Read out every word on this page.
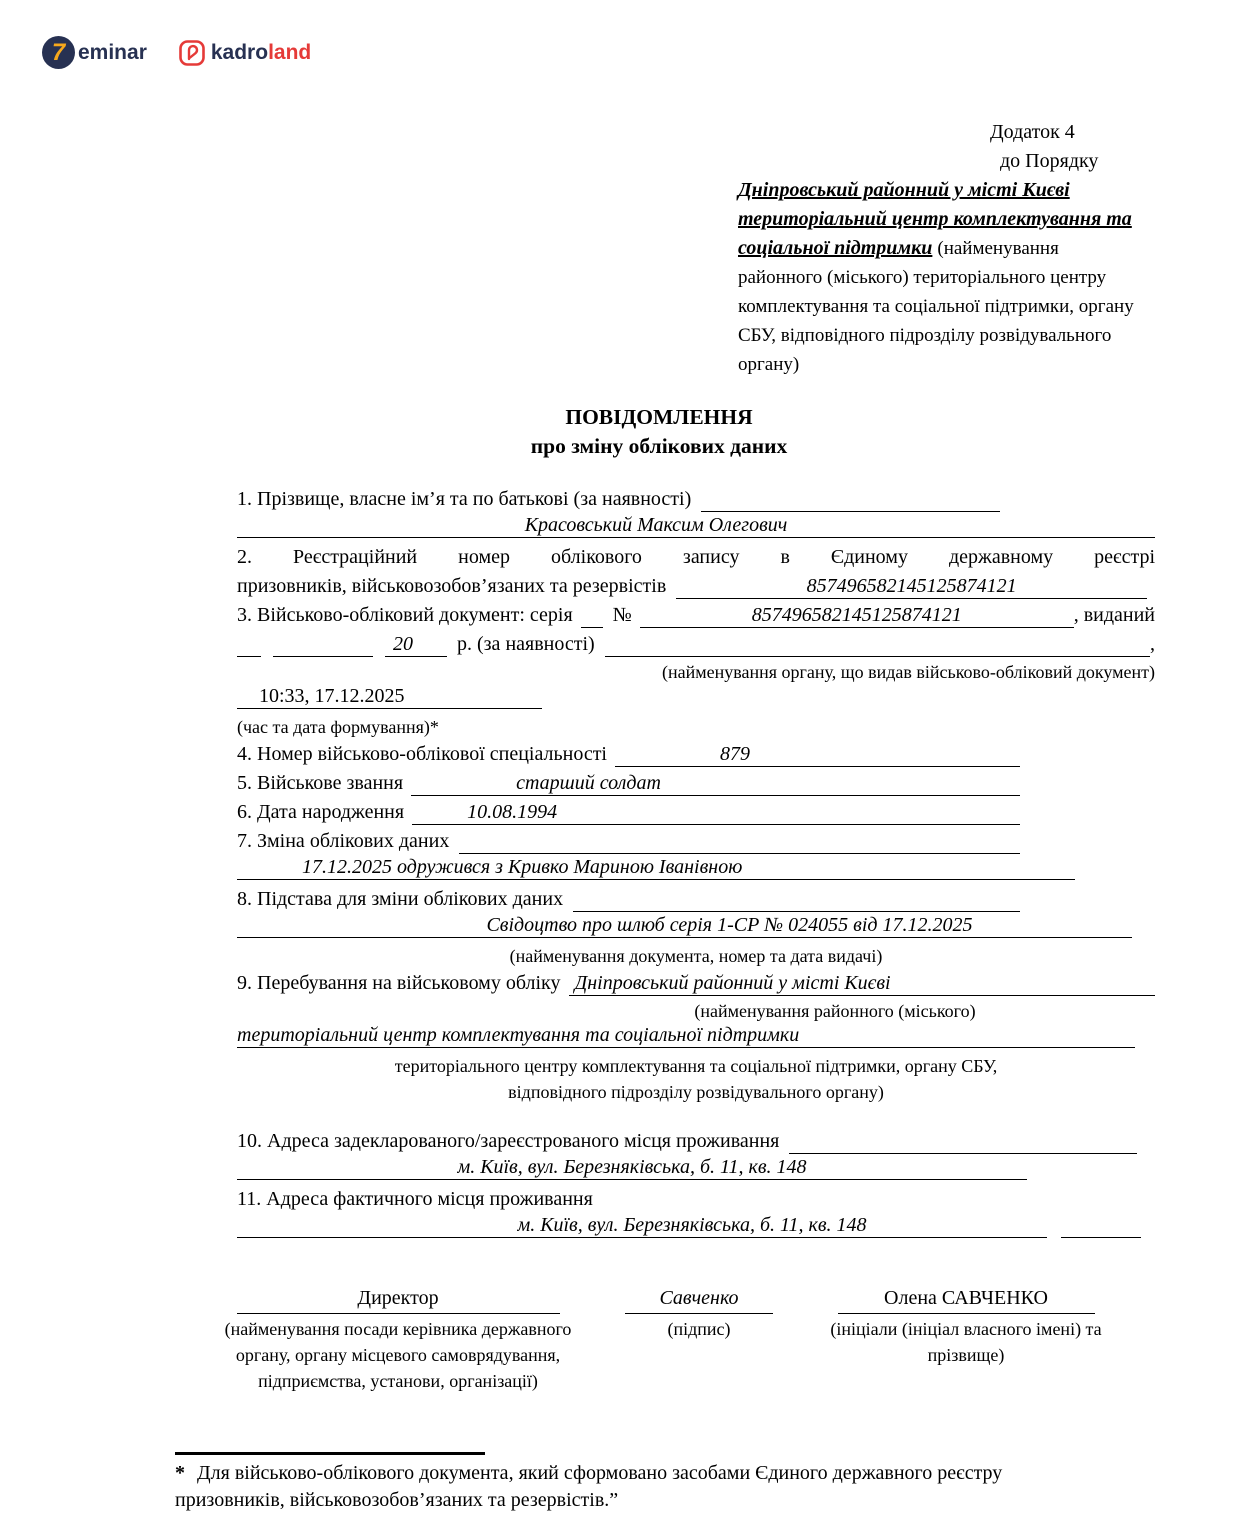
7 eminar	kadroland
Додаток 4
до Порядку
Дніпровський районний у місті Києві територіальний центр комплектування та соціальної підтримки (найменування районного (міського) територіального центру комплектування та соціальної підтримки, органу СБУ, відповідного підрозділу розвідувального органу)
ПОВІДОМЛЕННЯ
про зміну облікових даних
1. Прізвище, власне ім’я та по батькові (за наявності)

Красовський Максим Олегович
2. Реєстраційний номер облікового запису в Єдиному державному реєстрі
призовників, військовозобов’язаних та резервістів	857496582145125874121
3. Військово-обліковий документ: серія
№	857496582145125874121	, виданий

20
	р. (за наявності)
	,
(найменування органу, що видав військово-обліковий документ)
10:33, 17.12.2025
(час та дата формування)*
4. Номер військово-облікової спеціальності	879
5. Військове звання	старший солдат
6. Дата народження	10.08.1994
7. Зміна облікових даних

17.12.2025 одружився з Кривко Мариною Іванівною
8. Підстава для зміни облікових даних

Свідоцтво про шлюб серія 1-СР № 024055 від 17.12.2025
(найменування документа, номер та дата видачі)
9. Перебування на військовому обліку Дніпровський районний у місті Києві
(найменування районного (міського)
територіальний центр комплектування та соціальної підтримки
територіального центру комплектування та соціальної підтримки, органу СБУ,
відповідного підрозділу розвідувального органу)
10. Адреса задекларованого/зареєстрованого місця проживання

м. Київ, вул. Березняківська, б. 11, кв. 148
11. Адреса фактичного місця проживання
м. Київ, вул. Березняківська, б. 11, кв. 148

Директор
(найменування посади керівника державного органу, органу місцевого самоврядування, підприємства, установи, організації)
Савченко
(підпис)
Олена САВЧЕНКО
(ініціали (ініціал власного імені) та прізвище)
* Для військово-облікового документа, який сформовано засобами Єдиного державного реєстру призовників, військовозобов’язаних та резервістів.”
